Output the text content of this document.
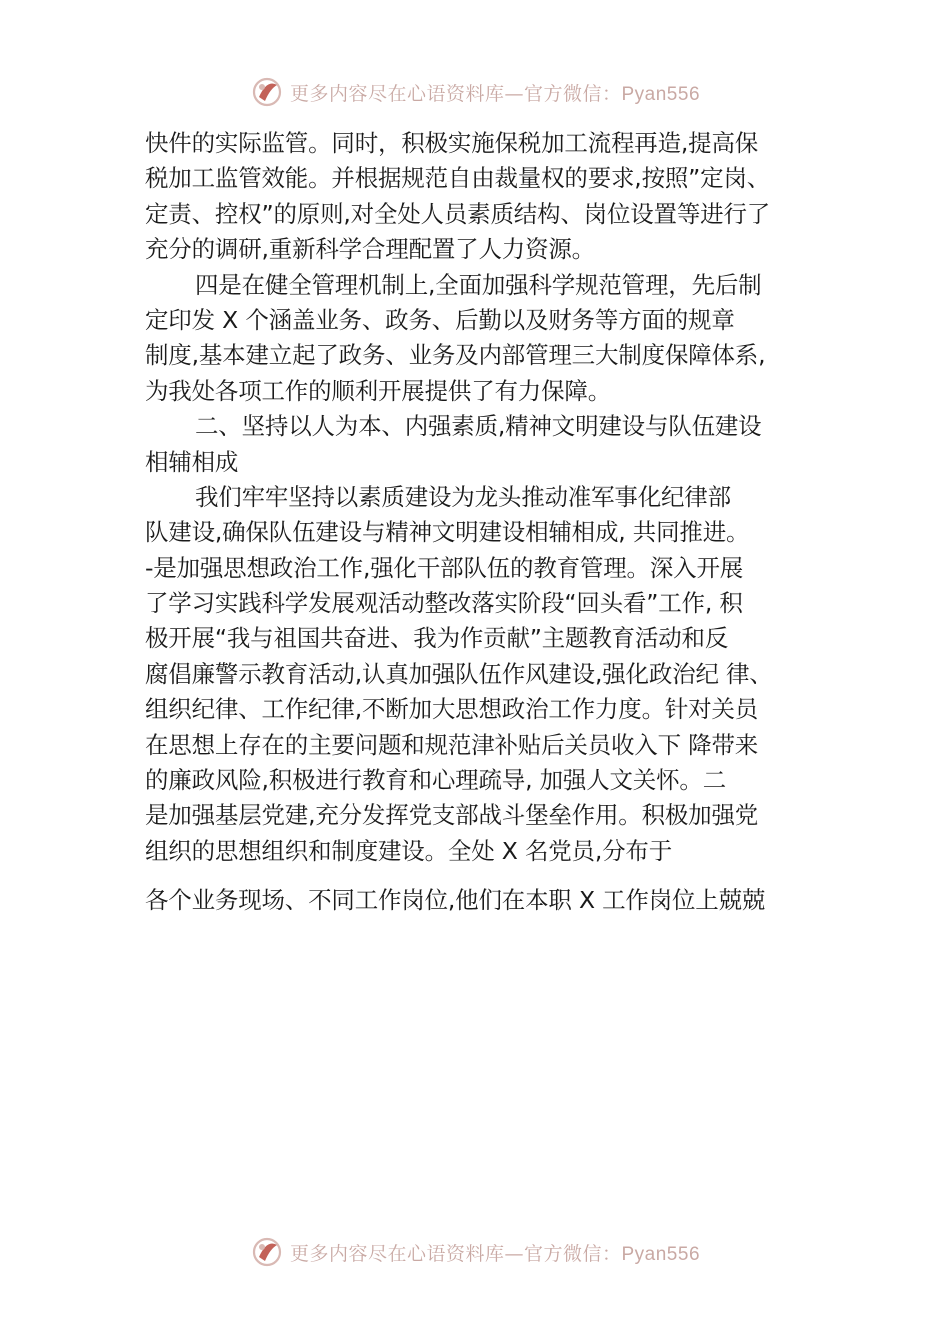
更多内容尽在心语资料库—官方微信：Pyan556
快件的实际监管。同时，积极实施保税加工流程再造,提高保
税加工监管效能。并根据规范自由裁量权的要求,按照”定岗、
定责、控权”的原则,对全处人员素质结构、岗位设置等进行了
充分的调研,重新科学合理配置了人力资源。
四是在健全管理机制上,全面加强科学规范管理，先后制
定印发 X 个涵盖业务、政务、后勤以及财务等方面的规章
制度,基本建立起了政务、业务及内部管理三大制度保障体系,
为我处各项工作的顺利开展提供了有力保障。
二、坚持以人为本、内强素质,精神文明建设与队伍建设
相辅相成
我们牢牢坚持以素质建设为龙头推动准军事化纪律部
队建设,确保队伍建设与精神文明建设相辅相成, 共同推进。
-是加强思想政治工作,强化干部队伍的教育管理。深入开展
了学习实践科学发展观活动整改落实阶段“回头看”工作, 积
极开展“我与祖国共奋进、我为作贡献”主题教育活动和反
腐倡廉警示教育活动,认真加强队伍作风建设,强化政治纪 律、
组织纪律、工作纪律,不断加大思想政治工作力度。针对关员
在思想上存在的主要问题和规范津补贴后关员收入下 降带来
的廉政风险,积极进行教育和心理疏导, 加强人文关怀。二
是加强基层党建,充分发挥党支部战斗堡垒作用。积极加强党
组织的思想组织和制度建设。全处 X 名党员,分布于
各个业务现场、不同工作岗位,他们在本职 X 工作岗位上兢兢
更多内容尽在心语资料库—官方微信：Pyan556
